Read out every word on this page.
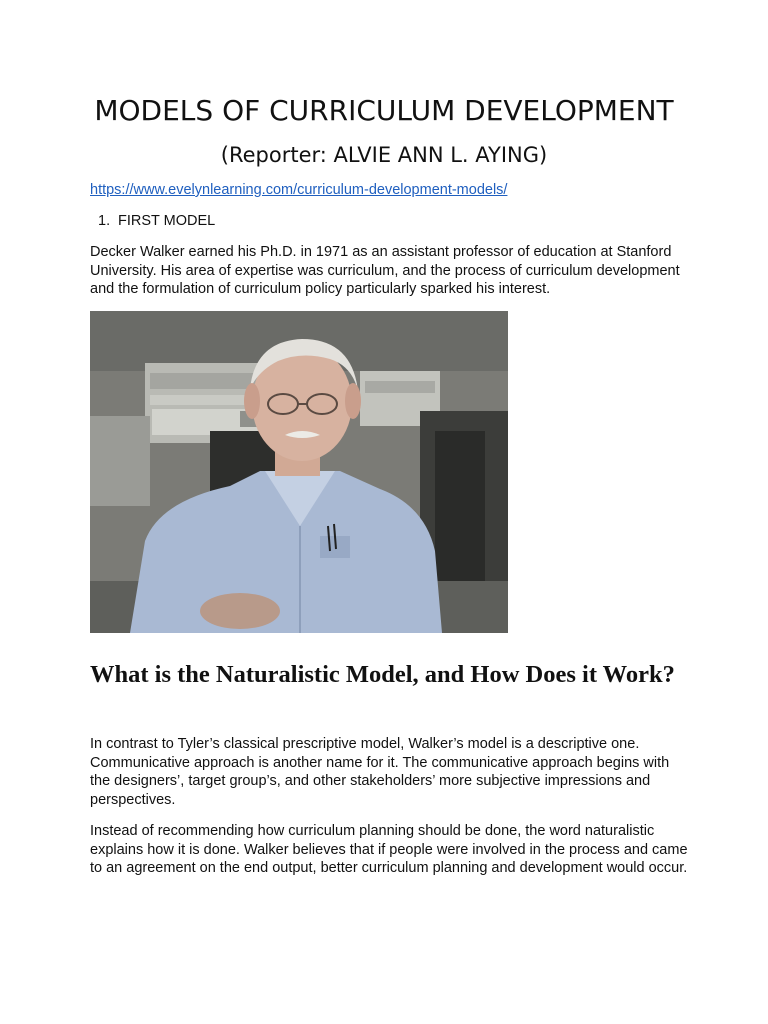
MODELS OF CURRICULUM DEVELOPMENT
(Reporter: ALVIE ANN L. AYING)
https://www.evelynlearning.com/curriculum-development-models/
1. FIRST MODEL

Decker Walker earned his Ph.D. in 1971 as an assistant professor of education at Stanford University. His area of expertise was curriculum, and the process of curriculum development and the formulation of curriculum policy particularly sparked his interest.

What is the Naturalistic Model, and How Does it Work?

In contrast to Tyler’s classical prescriptive model, Walker’s model is a descriptive one. Communicative approach is another name for it. The communicative approach begins with the designers’, target group’s, and other stakeholders’ more subjective impressions and perspectives.

Instead of recommending how curriculum planning should be done, the word naturalistic explains how it is done. Walker believes that if people were involved in the process and came to an agreement on the end output, better curriculum planning and development would occur.
